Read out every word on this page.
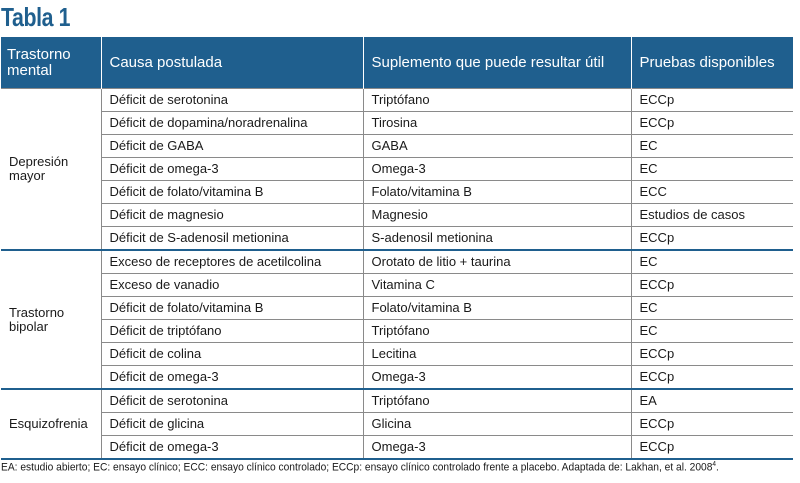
Tabla 1
Trastorno mental	Causa postulada	Suplemento que puede resultar útil	Pruebas disponibles
Depresión mayor	Déficit de serotonina	Triptófano	ECCp
	Déficit de dopamina/noradrenalina	Tirosina	ECCp
	Déficit de GABA	GABA	EC
	Déficit de omega-3	Omega-3	EC
	Déficit de folato/vitamina B	Folato/vitamina B	ECC
	Déficit de magnesio	Magnesio	Estudios de casos
	Déficit de S-adenosil metionina	S-adenosil metionina	ECCp
Trastorno bipolar	Exceso de receptores de acetilcolina	Orotato de litio + taurina	EC
	Exceso de vanadio	Vitamina C	ECCp
	Déficit de folato/vitamina B	Folato/vitamina B	EC
	Déficit de triptófano	Triptófano	EC
	Déficit de colina	Lecitina	ECCp
	Déficit de omega-3	Omega-3	ECCp
Esquizofrenia	Déficit de serotonina	Triptófano	EA
	Déficit de glicina	Glicina	ECCp
	Déficit de omega-3	Omega-3	ECCp
EA: estudio abierto; EC: ensayo clínico; ECC: ensayo clínico controlado; ECCp: ensayo clínico controlado frente a placebo. Adaptada de: Lakhan, et al. 2008$^4$.
